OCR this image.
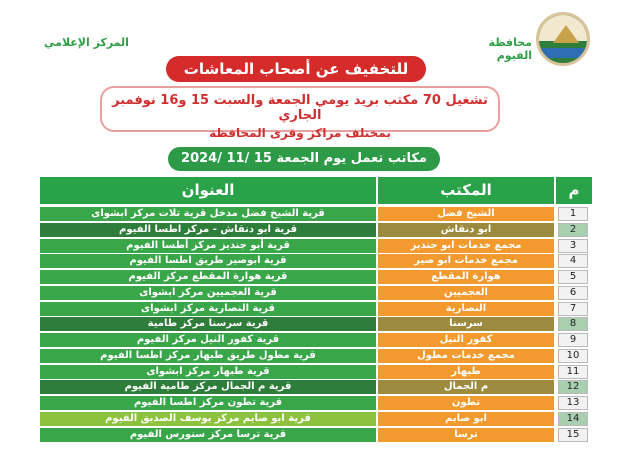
محافظة الفيوم
المركز الإعلامي
للتخفيف عن أصحاب المعاشات
تشغيل 70 مكتب بريد يومي الجمعة والسبت 15 و16 نوفمبر الجاري
بمختلف مراكز وقرى المحافظة
مكاتب تعمل يوم الجمعة 15 /11 /2024
م
المكتب
العنوان
1
الشيخ فضل
قرية الشيخ فضل مدخل قرية تلات مركز ابشواى
2
ابو دنقاش
قرية ابو دنقاش - مركز اطسا الفيوم
3
مجمع خدمات ابو جنديز
قرية أبو جنديز مركز أطسا الفيوم
4
مجمع خدمات ابو صير
قرية ابوصير طريق اطسا الفيوم
5
هوارة المقطع
قرية هوارة المقطع مركز الفيوم
6
العجميين
قرية العجميين مركز ابشواى
7
النصارية
قرية النصارية مركز ابشواى
8
سرسنا
قرية سرسنا مركز طامية
9
كفور النيل
قرية كفور النيل مركز الفيوم
10
مجمع خدمات مطول
قرية مطول طريق طبهار مركز اطسا الفيوم
11
طبهار
قرية طبهار مركز ابشواى
12
م الجمال
قرية م الجمال مركز طامية الفيوم
13
تطون
قرية تطون مركز اطسا الفيوم
14
ابو صايم
قرية ابو صايم مركز يوسف الصديق الفيوم
15
ترسا
قرية ترسا مركز سنورس الفيوم
